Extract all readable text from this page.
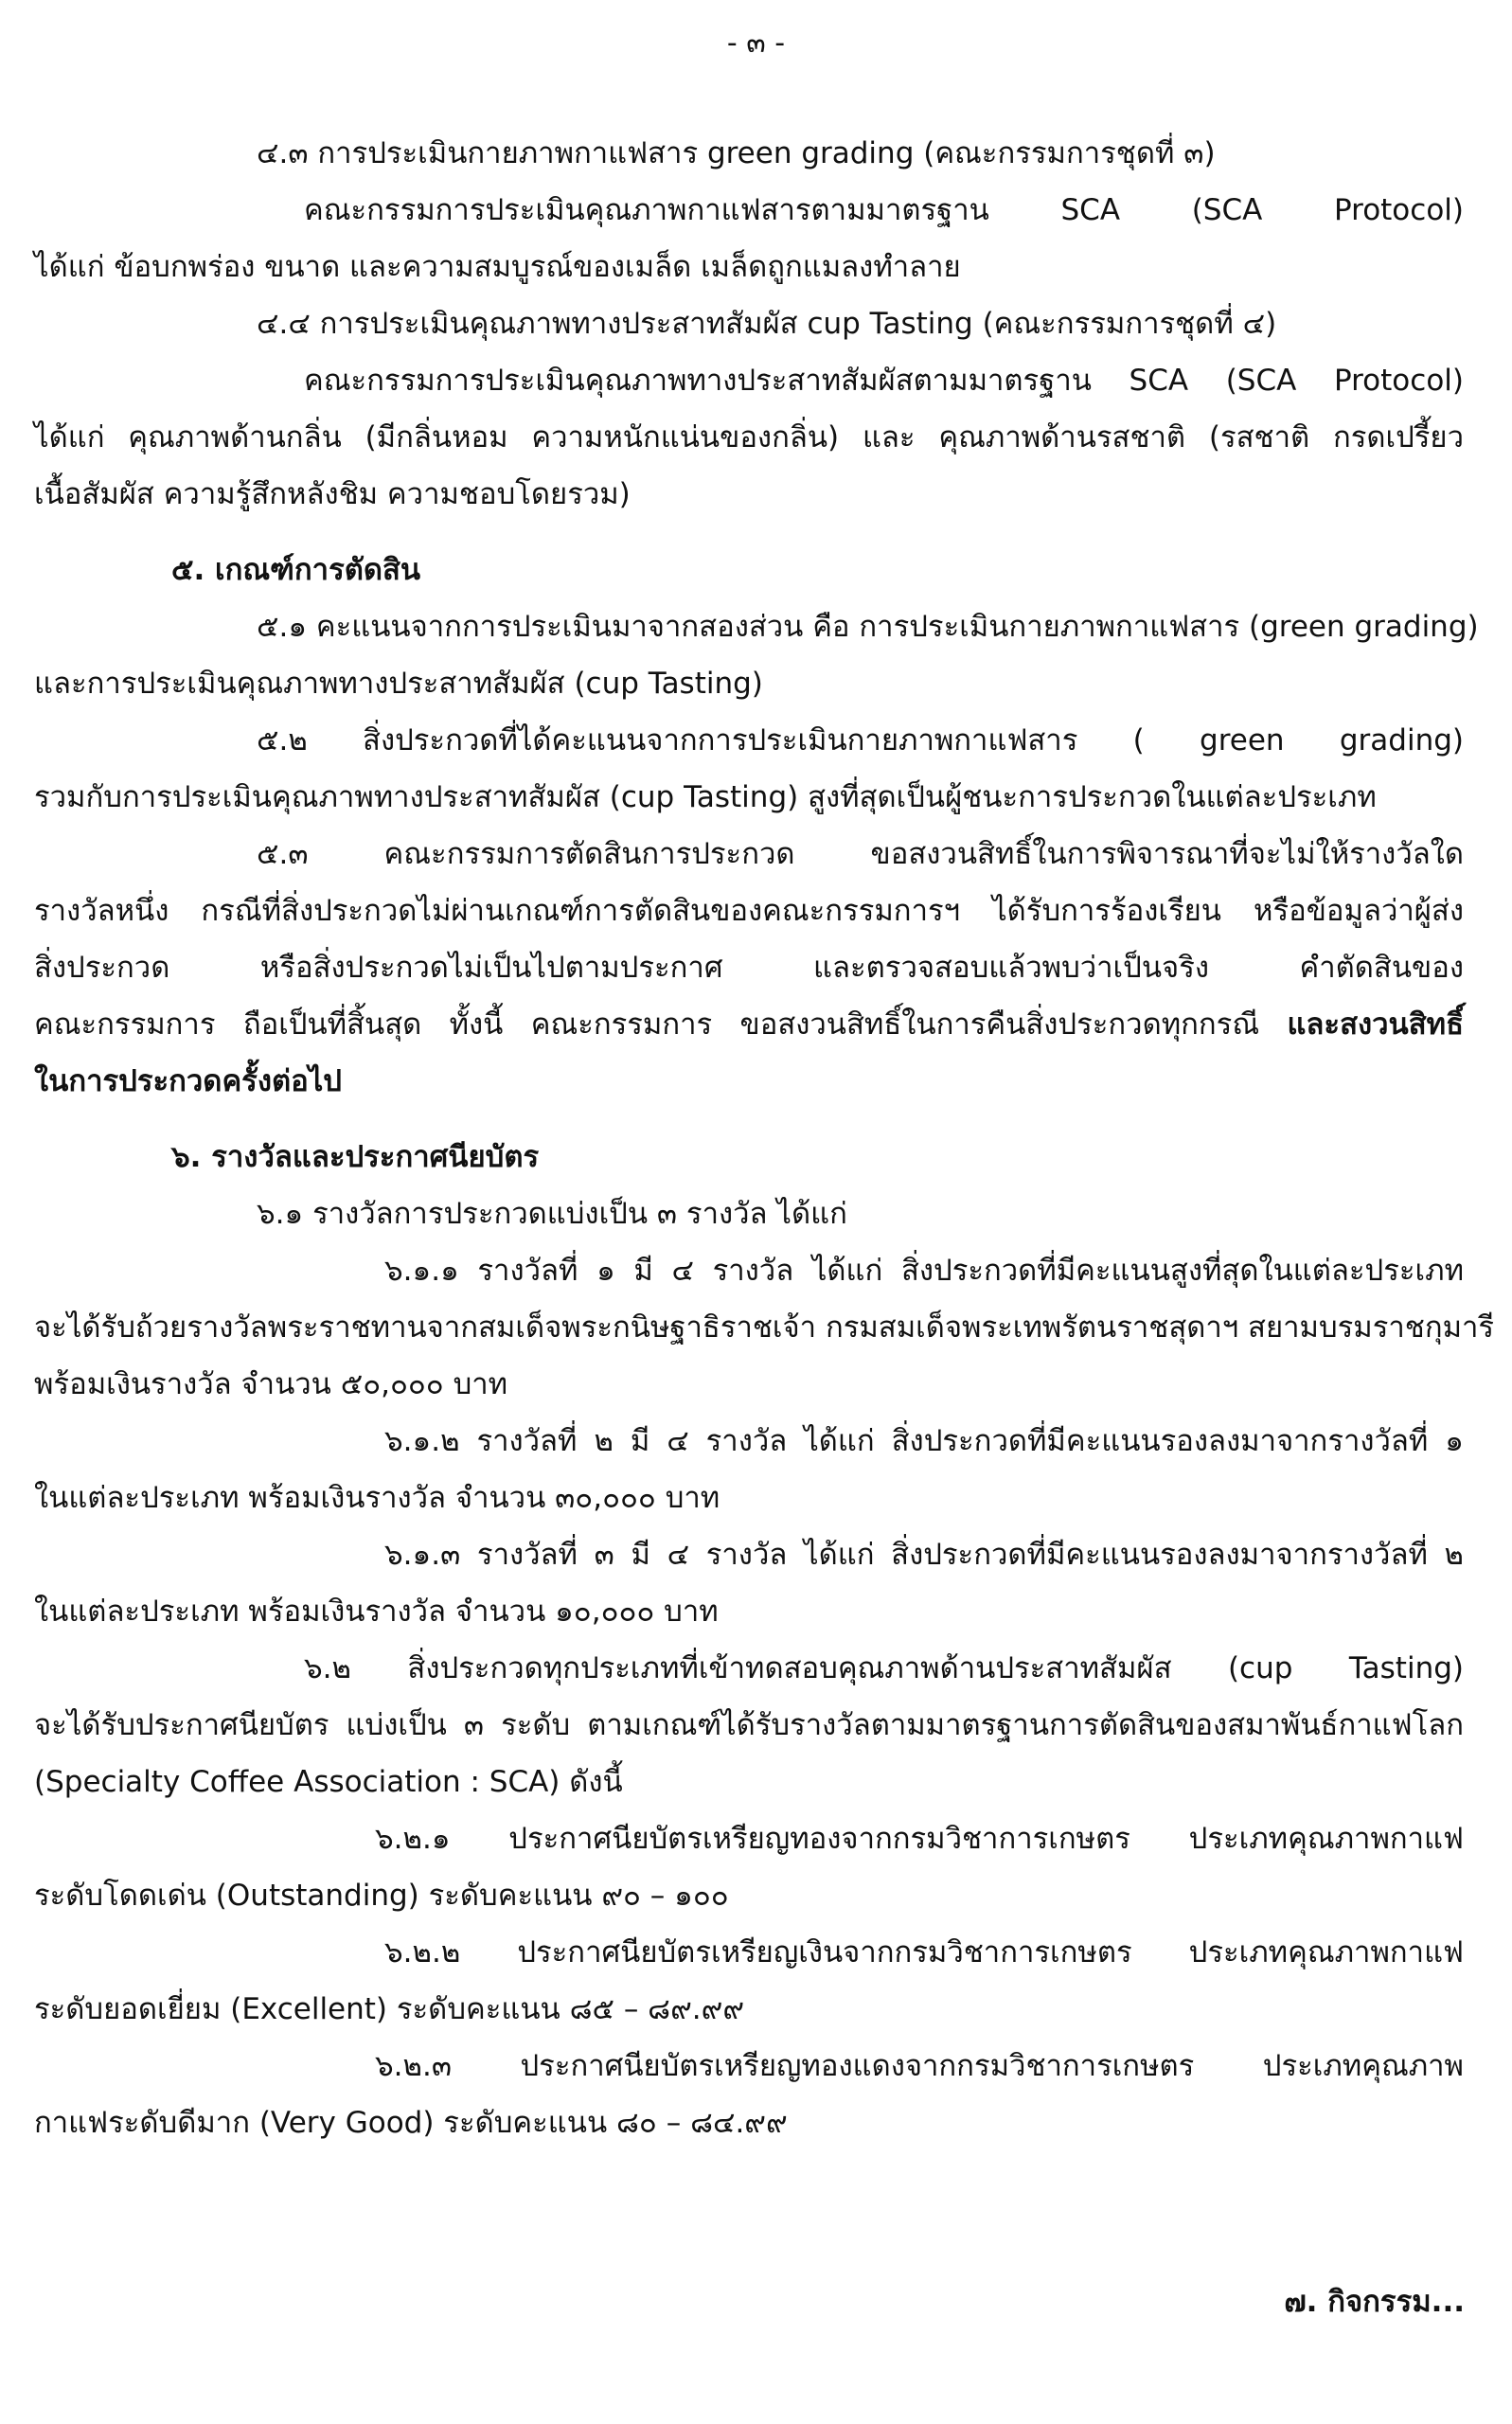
- ๓ -
๔.๓ การประเมินกายภาพกาแฟสาร green grading (คณะกรรมการชุดที่ ๓)
คณะกรรมการประเมินคุณภาพกาแฟสารตามมาตรฐาน SCA (SCA Protocol)
ได้แก่ ข้อบกพร่อง ขนาด และความสมบูรณ์ของเมล็ด เมล็ดถูกแมลงทำลาย
๔.๔ การประเมินคุณภาพทางประสาทสัมผัส cup Tasting (คณะกรรมการชุดที่ ๔)
คณะกรรมการประเมินคุณภาพทางประสาทสัมผัสตามมาตรฐาน SCA (SCA Protocol)
ได้แก่ คุณภาพด้านกลิ่น (มีกลิ่นหอม ความหนักแน่นของกลิ่น) และ คุณภาพด้านรสชาติ (รสชาติ กรดเปรี้ยว
เนื้อสัมผัส ความรู้สึกหลังชิม ความชอบโดยรวม)
๕. เกณฑ์การตัดสิน
๕.๑ คะแนนจากการประเมินมาจากสองส่วน คือ การประเมินกายภาพกาแฟสาร (green grading)
และการประเมินคุณภาพทางประสาทสัมผัส (cup Tasting)
๕.๒ สิ่งประกวดที่ได้คะแนนจากการประเมินกายภาพกาแฟสาร ( green grading)
รวมกับการประเมินคุณภาพทางประสาทสัมผัส (cup Tasting) สูงที่สุดเป็นผู้ชนะการประกวดในแต่ละประเภท
๕.๓ คณะกรรมการตัดสินการประกวด ขอสงวนสิทธิ์ในการพิจารณาที่จะไม่ให้รางวัลใด
รางวัลหนึ่ง กรณีที่สิ่งประกวดไม่ผ่านเกณฑ์การตัดสินของคณะกรรมการฯ ได้รับการร้องเรียน หรือข้อมูลว่าผู้ส่ง
สิ่งประกวด หรือสิ่งประกวดไม่เป็นไปตามประกาศ และตรวจสอบแล้วพบว่าเป็นจริง คำตัดสินของ
คณะกรรมการ ถือเป็นที่สิ้นสุด ทั้งนี้ คณะกรรมการ ขอสงวนสิทธิ์ในการคืนสิ่งประกวดทุกกรณี และสงวนสิทธิ์
ในการประกวดครั้งต่อไป
๖. รางวัลและประกาศนียบัตร
๖.๑ รางวัลการประกวดแบ่งเป็น ๓ รางวัล ได้แก่
๖.๑.๑ รางวัลที่ ๑ มี ๔ รางวัล ได้แก่ สิ่งประกวดที่มีคะแนนสูงที่สุดในแต่ละประเภท
จะได้รับถ้วยรางวัลพระราชทานจากสมเด็จพระกนิษฐาธิราชเจ้า กรมสมเด็จพระเทพรัตนราชสุดาฯ สยามบรมราชกุมารี
พร้อมเงินรางวัล จำนวน ๕๐,๐๐๐ บาท
๖.๑.๒ รางวัลที่ ๒ มี ๔ รางวัล ได้แก่ สิ่งประกวดที่มีคะแนนรองลงมาจากรางวัลที่ ๑
ในแต่ละประเภท พร้อมเงินรางวัล จำนวน ๓๐,๐๐๐ บาท
๖.๑.๓ รางวัลที่ ๓ มี ๔ รางวัล ได้แก่ สิ่งประกวดที่มีคะแนนรองลงมาจากรางวัลที่ ๒
ในแต่ละประเภท พร้อมเงินรางวัล จำนวน ๑๐,๐๐๐ บาท
๖.๒ สิ่งประกวดทุกประเภทที่เข้าทดสอบคุณภาพด้านประสาทสัมผัส (cup Tasting)
จะได้รับประกาศนียบัตร แบ่งเป็น ๓ ระดับ ตามเกณฑ์ได้รับรางวัลตามมาตรฐานการตัดสินของสมาพันธ์กาแฟโลก
(Specialty Coffee Association : SCA) ดังนี้
๖.๒.๑ ประกาศนียบัตรเหรียญทองจากกรมวิชาการเกษตร ประเภทคุณภาพกาแฟ
ระดับโดดเด่น (Outstanding) ระดับคะแนน ๙๐ – ๑๐๐
๖.๒.๒ ประกาศนียบัตรเหรียญเงินจากกรมวิชาการเกษตร ประเภทคุณภาพกาแฟ
ระดับยอดเยี่ยม (Excellent) ระดับคะแนน ๘๕ – ๘๙.๙๙
๖.๒.๓ ประกาศนียบัตรเหรียญทองแดงจากกรมวิชาการเกษตร ประเภทคุณภาพ
กาแฟระดับดีมาก (Very Good) ระดับคะแนน ๘๐ – ๘๔.๙๙
๗. กิจกรรม...
